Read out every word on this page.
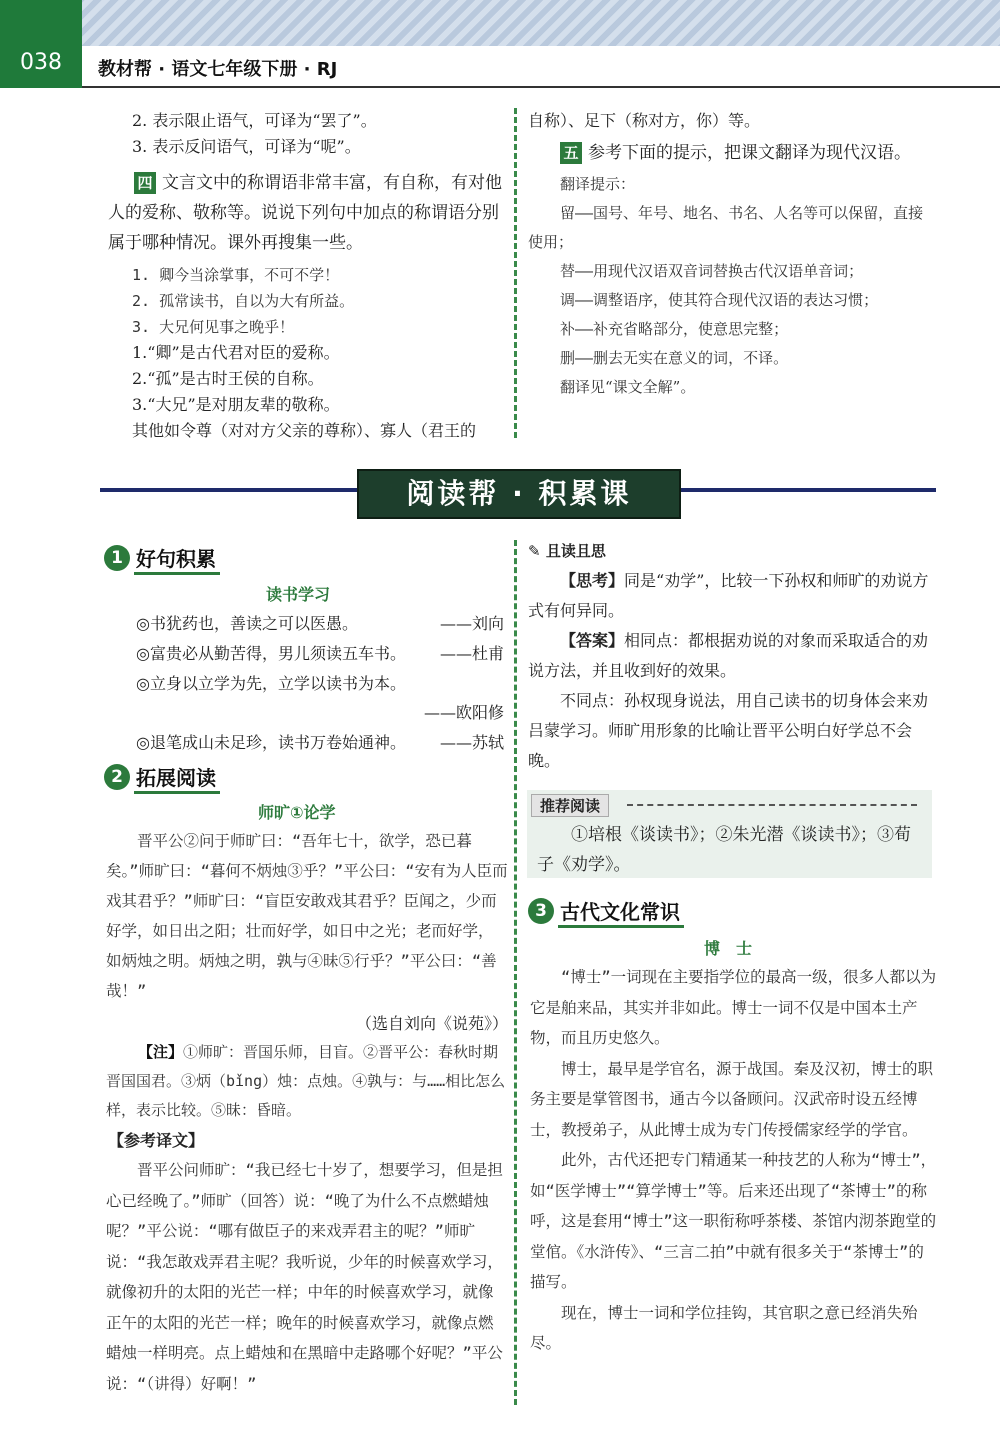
038	教材帮 · 语文七年级下册 · RJ

2. 表示限止语气，可译为“罢了”。

3. 表示反问语气，可译为“呢”。

四 文言文中的称谓语非常丰富，有自称，有对他人的爱称、敬称等。说说下列句中加点的称谓语分别属于哪种情况。课外再搜集一些。

1. 卿今当涂掌事，不可不学！

2. 孤常读书，自以为大有所益。

3. 大兄何见事之晚乎！

1.“卿”是古代君对臣的爱称。

2.“孤”是古时王侯的自称。

3.“大兄”是对朋友辈的敬称。

其他如令尊（对对方父亲的尊称）、寡人（君王的

自称）、足下（称对方，你）等。

五 参考下面的提示，把课文翻译为现代汉语。

翻译提示：

留——国号、年号、地名、书名、人名等可以保留，直接使用；

替——用现代汉语双音词替换古代汉语单音词；

调——调整语序，使其符合现代汉语的表达习惯；

补——补充省略部分，使意思完整；

删——删去无实在意义的词，不译。

翻译见“课文全解”。

阅读帮 · 积累课
1 好句积累
读书学习
◎书犹药也，善读之可以医愚。	——刘向
◎富贵必从勤苦得，男儿须读五车书。 ——杜甫
◎立身以立学为先，立学以读书为本。
——欧阳修
◎退笔成山未足珍，读书万卷始通神。 ——苏轼
2 拓展阅读
师旷①论学

晋平公②问于师旷曰：“吾年七十，欲学，恐已暮矣。”师旷曰：“暮何不炳烛③乎？”平公曰：“安有为人臣而戏其君乎？”师旷曰：“盲臣安敢戏其君乎？臣闻之，少而好学，如日出之阳；壮而好学，如日中之光；老而好学，如炳烛之明。炳烛之明，孰与④昧⑤行乎？”平公曰：“善哉！”

（选自刘向《说苑》）

【注】①师旷：晋国乐师，目盲。②晋平公：春秋时期晋国国君。③炳（bǐng）烛：点烛。④孰与：与……相比怎么样，表示比较。⑤昧：昏暗。

【参考译文】

晋平公问师旷：“我已经七十岁了，想要学习，但是担心已经晚了。”师旷（回答）说：“晚了为什么不点燃蜡烛呢？”平公说：“哪有做臣子的来戏弄君主的呢？”师旷说：“我怎敢戏弄君主呢？我听说，少年的时候喜欢学习，就像初升的太阳的光芒一样；中年的时候喜欢学习，就像正午的太阳的光芒一样；晚年的时候喜欢学习，就像点燃蜡烛一样明亮。点上蜡烛和在黑暗中走路哪个好呢？”平公说：“（讲得）好啊！”

✎ 且读且思

【思考】同是“劝学”，比较一下孙权和师旷的劝说方式有何异同。

【答案】相同点：都根据劝说的对象而采取适合的劝说方法，并且收到好的效果。

不同点：孙权现身说法，用自己读书的切身体会来劝吕蒙学习。师旷用形象的比喻让晋平公明白好学总不会晚。

推荐阅读
①培根《谈读书》；②朱光潜《谈读书》；③荀子《劝学》。
3 古代文化常识
博　士

“博士”一词现在主要指学位的最高一级，很多人都以为它是舶来品，其实并非如此。博士一词不仅是中国本土产物，而且历史悠久。

博士，最早是学官名，源于战国。秦及汉初，博士的职务主要是掌管图书，通古今以备顾问。汉武帝时设五经博士，教授弟子，从此博士成为专门传授儒家经学的学官。

此外，古代还把专门精通某一种技艺的人称为“博士”，如“医学博士”“算学博士”等。后来还出现了“茶博士”的称呼，这是套用“博士”这一职衔称呼茶楼、茶馆内沏茶跑堂的堂倌。《水浒传》、“三言二拍”中就有很多关于“茶博士”的描写。

现在，博士一词和学位挂钩，其官职之意已经消失殆尽。
